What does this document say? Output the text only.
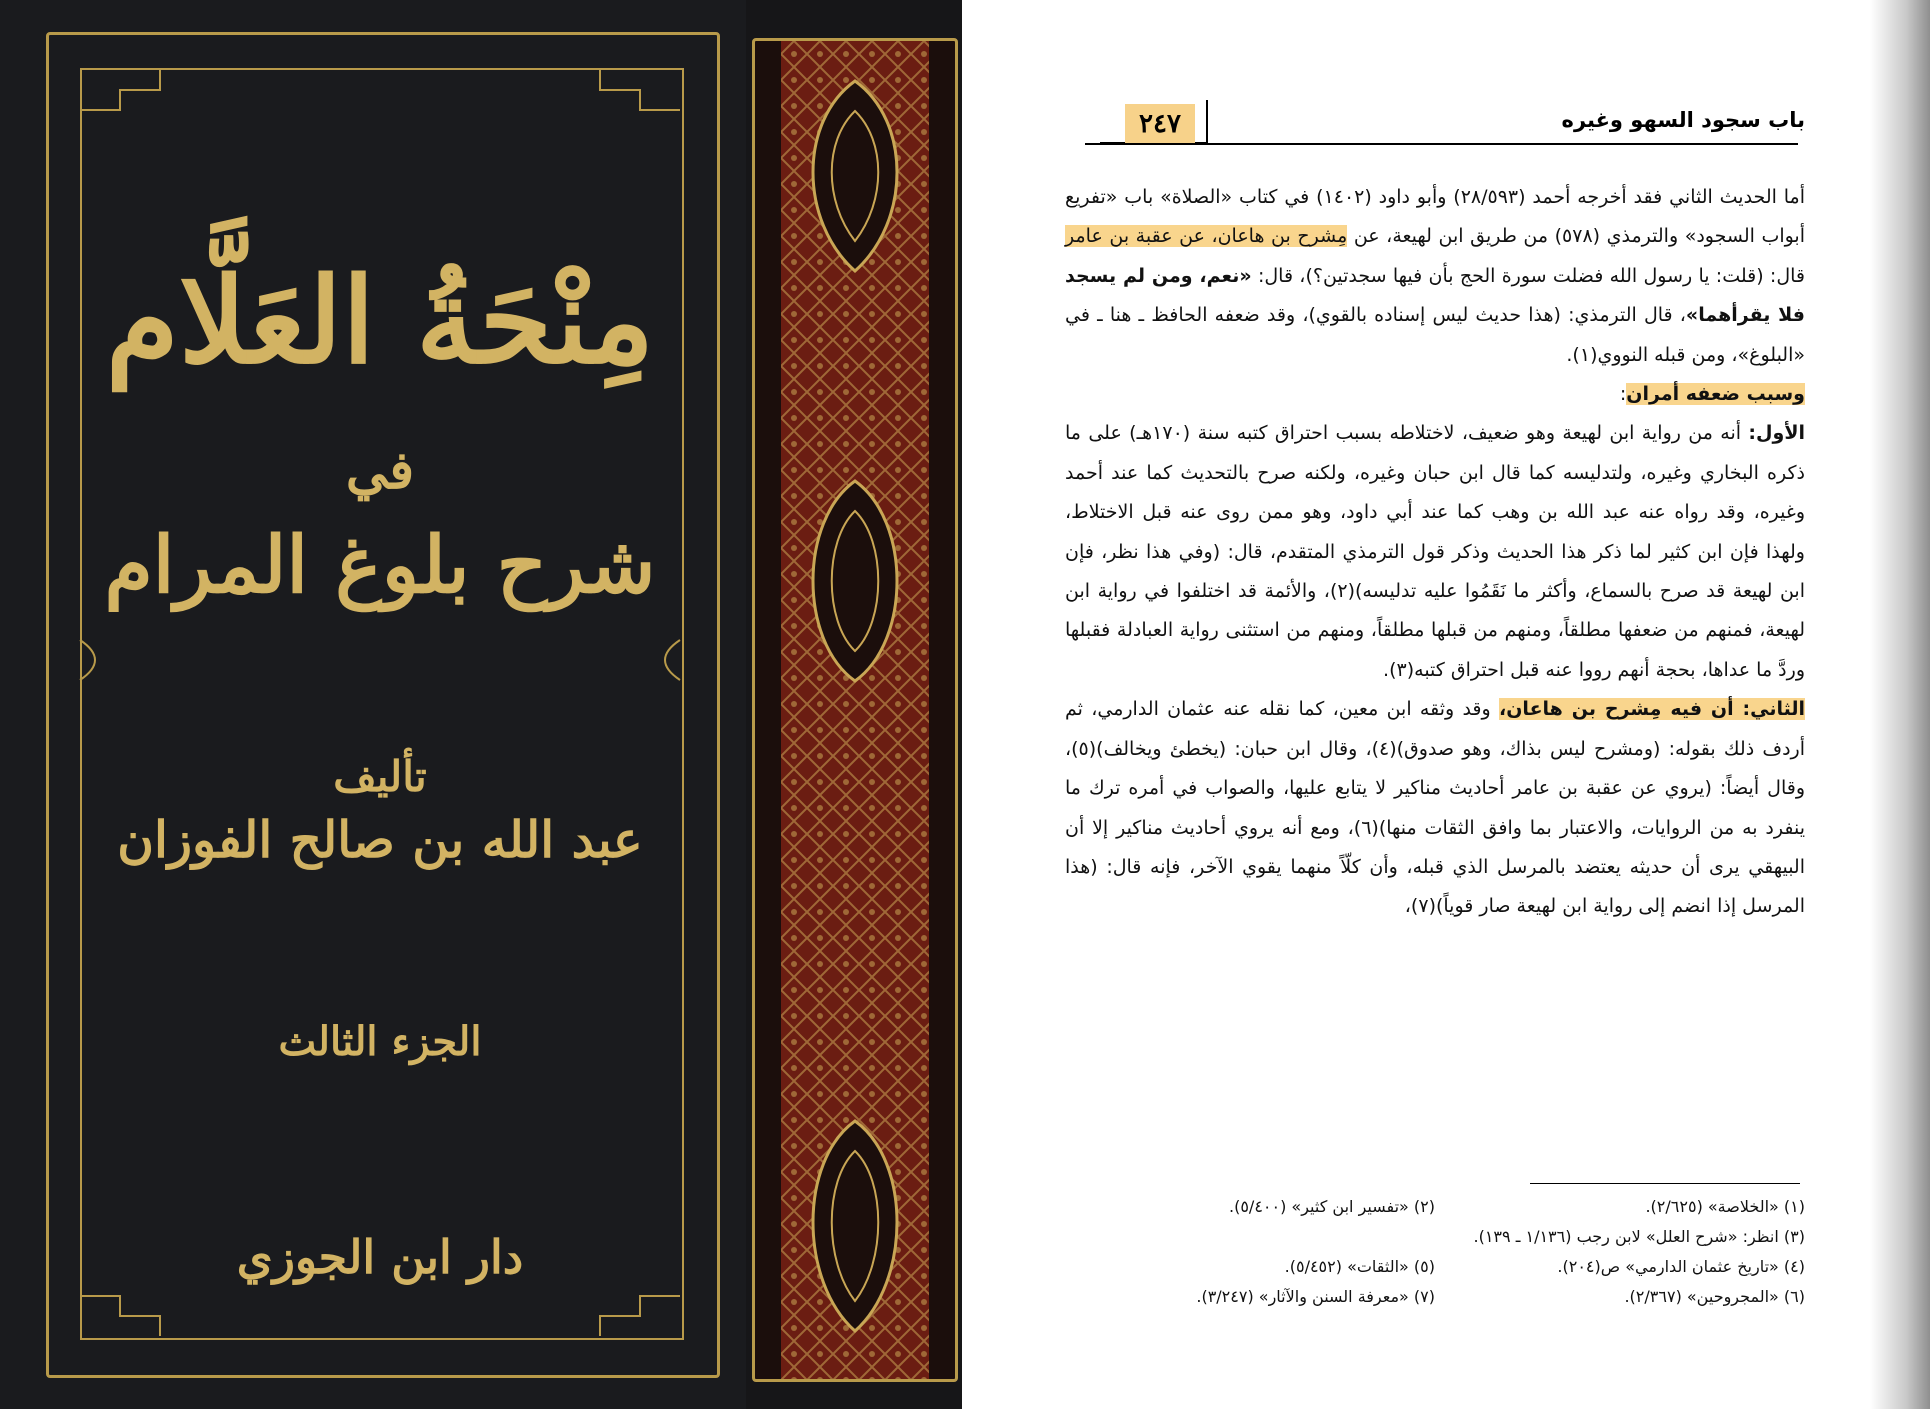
مِنْحَةُ العَلَّام
في
شرح بلوغ المرام
تأليف
عبد الله بن صالح الفوزان
الجزء الثالث
دار ابن الجوزي
باب سجود السهو وغيره
٢٤٧

أما الحديث الثاني فقد أخرجه أحمد (٢٨/٥٩٣) وأبو داود (١٤٠٢) في كتاب «الصلاة» باب «تفريع أبواب السجود» والترمذي (٥٧٨) من طريق ابن لهيعة، عن مِشرح بن هاعان، عن عقبة بن عامر قال: (قلت: يا رسول الله فضلت سورة الحج بأن فيها سجدتين؟)، قال: «نعم، ومن لم يسجد فلا يقرأهما»، قال الترمذي: (هذا حديث ليس إسناده بالقوي)، وقد ضعفه الحافظ ـ هنا ـ في «البلوغ»، ومن قبله النووي(١).

وسبب ضعفه أمران:

الأول: أنه من رواية ابن لهيعة وهو ضعيف، لاختلاطه بسبب احتراق كتبه سنة (١٧٠هـ) على ما ذكره البخاري وغيره، ولتدليسه كما قال ابن حبان وغيره، ولكنه صرح بالتحديث كما عند أحمد وغيره، وقد رواه عنه عبد الله بن وهب كما عند أبي داود، وهو ممن روى عنه قبل الاختلاط، ولهذا فإن ابن كثير لما ذكر هذا الحديث وذكر قول الترمذي المتقدم، قال: (وفي هذا نظر، فإن ابن لهيعة قد صرح بالسماع، وأكثر ما نَقَمُوا عليه تدليسه)(٢)، والأئمة قد اختلفوا في رواية ابن لهيعة، فمنهم من ضعفها مطلقاً، ومنهم من قبلها مطلقاً، ومنهم من استثنى رواية العبادلة فقبلها وردَّ ما عداها، بحجة أنهم رووا عنه قبل احتراق كتبه(٣).

الثاني: أن فيه مِشرح بن هاعان، وقد وثقه ابن معين، كما نقله عنه عثمان الدارمي، ثم أردف ذلك بقوله: (ومشرح ليس بذاك، وهو صدوق)(٤)، وقال ابن حبان: (يخطئ ويخالف)(٥)، وقال أيضاً: (يروي عن عقبة بن عامر أحاديث مناكير لا يتابع عليها، والصواب في أمره ترك ما ينفرد به من الروايات، والاعتبار بما وافق الثقات منها)(٦)، ومع أنه يروي أحاديث مناكير إلا أن البيهقي يرى أن حديثه يعتضد بالمرسل الذي قبله، وأن كلّاً منهما يقوي الآخر، فإنه قال: (هذا المرسل إذا انضم إلى رواية ابن لهيعة صار قوياً)(٧)،

(١) «الخلاصة» (٢/٦٢٥).
(٢) «تفسير ابن كثير» (٥/٤٠٠).
(٣) انظر: «شرح العلل» لابن رجب (١/١٣٦ ـ ١٣٩).
(٤) «تاريخ عثمان الدارمي» ص(٢٠٤).
(٥) «الثقات» (٥/٤٥٢).
(٦) «المجروحين» (٢/٣٦٧).
(٧) «معرفة السنن والآثار» (٣/٢٤٧).
